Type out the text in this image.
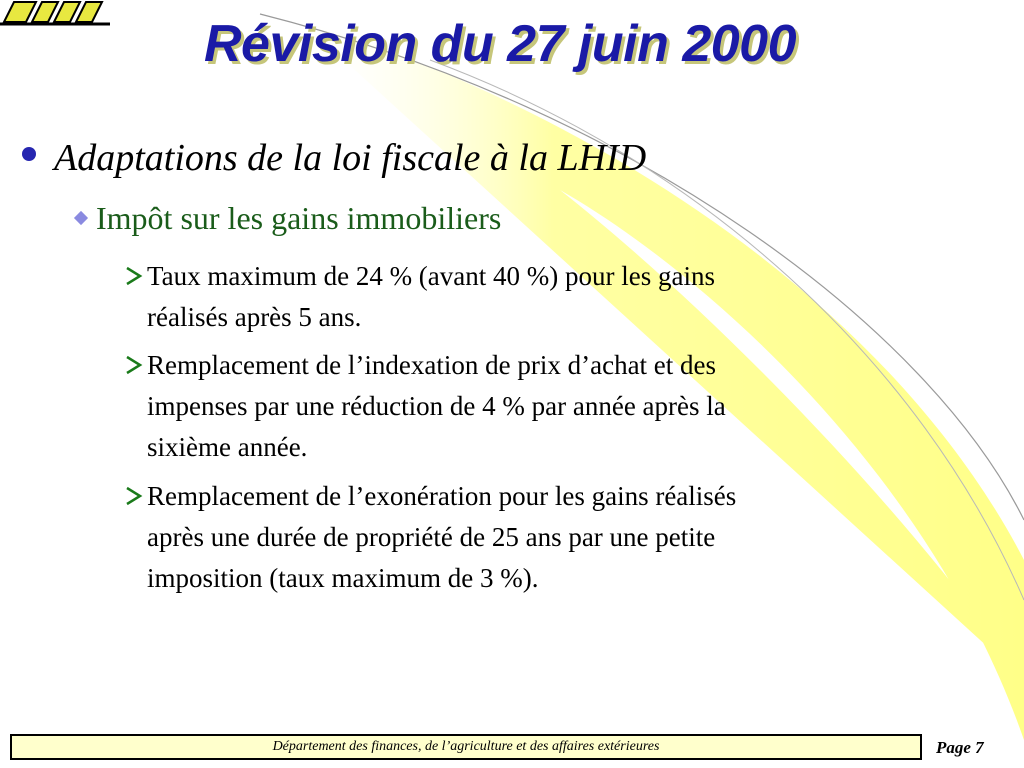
Révision du 27 juin 2000
Adaptations de la loi fiscale à la LHID
Impôt sur les gains immobiliers
Taux maximum de 24 % (avant 40 %) pour les gains
réalisés après 5 ans.
Remplacement de l’indexation de prix d’achat et des
impenses par une réduction de 4 % par année après la
sixième année.
Remplacement de l’exonération pour les gains réalisés
après une durée de propriété de 25 ans par une petite
imposition (taux maximum de 3 %).
Département des finances, de l’agriculture et des affaires extérieures	Page 7
